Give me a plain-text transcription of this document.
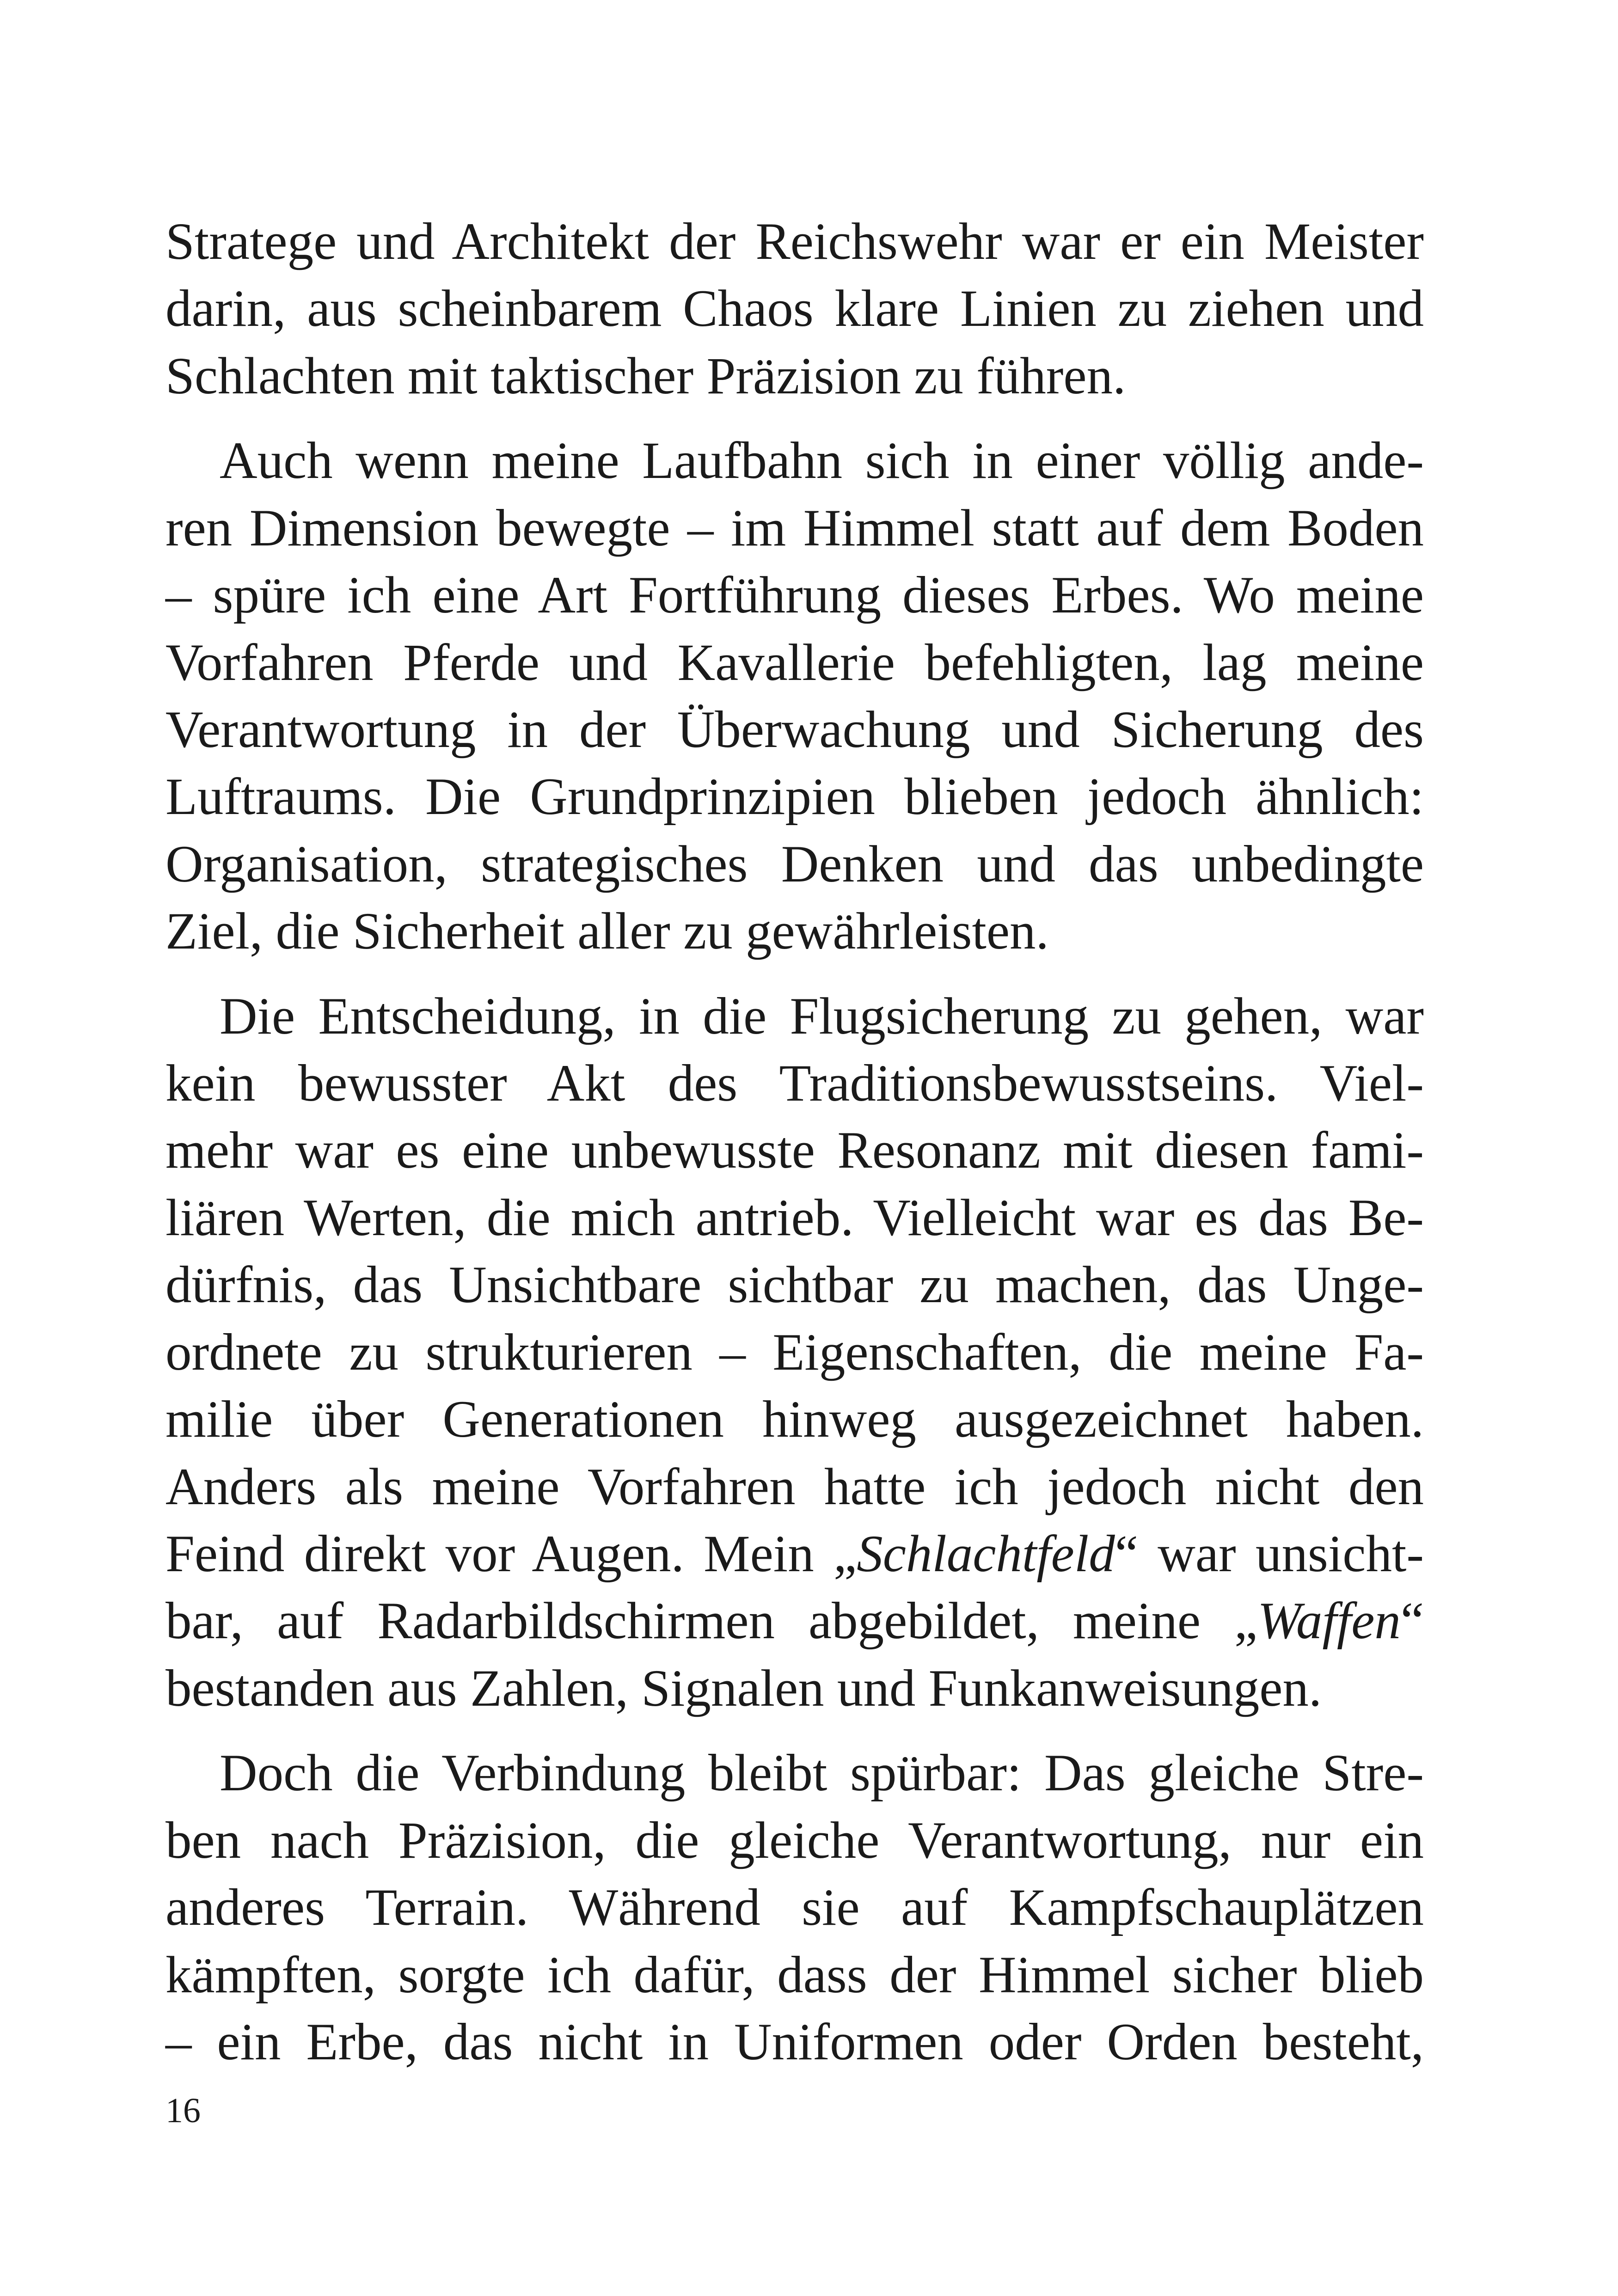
Stratege und Architekt der Reichswehr war er ein Meister
darin, aus scheinbarem Chaos klare Linien zu ziehen und
Schlachten mit taktischer Präzision zu führen.

Auch wenn meine Laufbahn sich in einer völlig ande-
ren Dimension bewegte – im Himmel statt auf dem Boden
– spüre ich eine Art Fortführung dieses Erbes. Wo meine
Vorfahren Pferde und Kavallerie befehligten, lag meine
Verantwortung in der Überwachung und Sicherung des
Luftraums. Die Grundprinzipien blieben jedoch ähnlich:
Organisation, strategisches Denken und das unbedingte
Ziel, die Sicherheit aller zu gewährleisten.

Die Entscheidung, in die Flugsicherung zu gehen, war
kein bewusster Akt des Traditionsbewusstseins. Viel-
mehr war es eine unbewusste Resonanz mit diesen fami-
liären Werten, die mich antrieb. Vielleicht war es das Be-
dürfnis, das Unsichtbare sichtbar zu machen, das Unge-
ordnete zu strukturieren – Eigenschaften, die meine Fa-
milie über Generationen hinweg ausgezeichnet haben.
Anders als meine Vorfahren hatte ich jedoch nicht den
Feind direkt vor Augen. Mein „Schlachtfeld“ war unsicht-
bar, auf Radarbildschirmen abgebildet, meine „Waffen“
bestanden aus Zahlen, Signalen und Funkanweisungen.

Doch die Verbindung bleibt spürbar: Das gleiche Stre-
ben nach Präzision, die gleiche Verantwortung, nur ein
anderes Terrain. Während sie auf Kampfschauplätzen
kämpften, sorgte ich dafür, dass der Himmel sicher blieb
– ein Erbe, das nicht in Uniformen oder Orden besteht,

16
